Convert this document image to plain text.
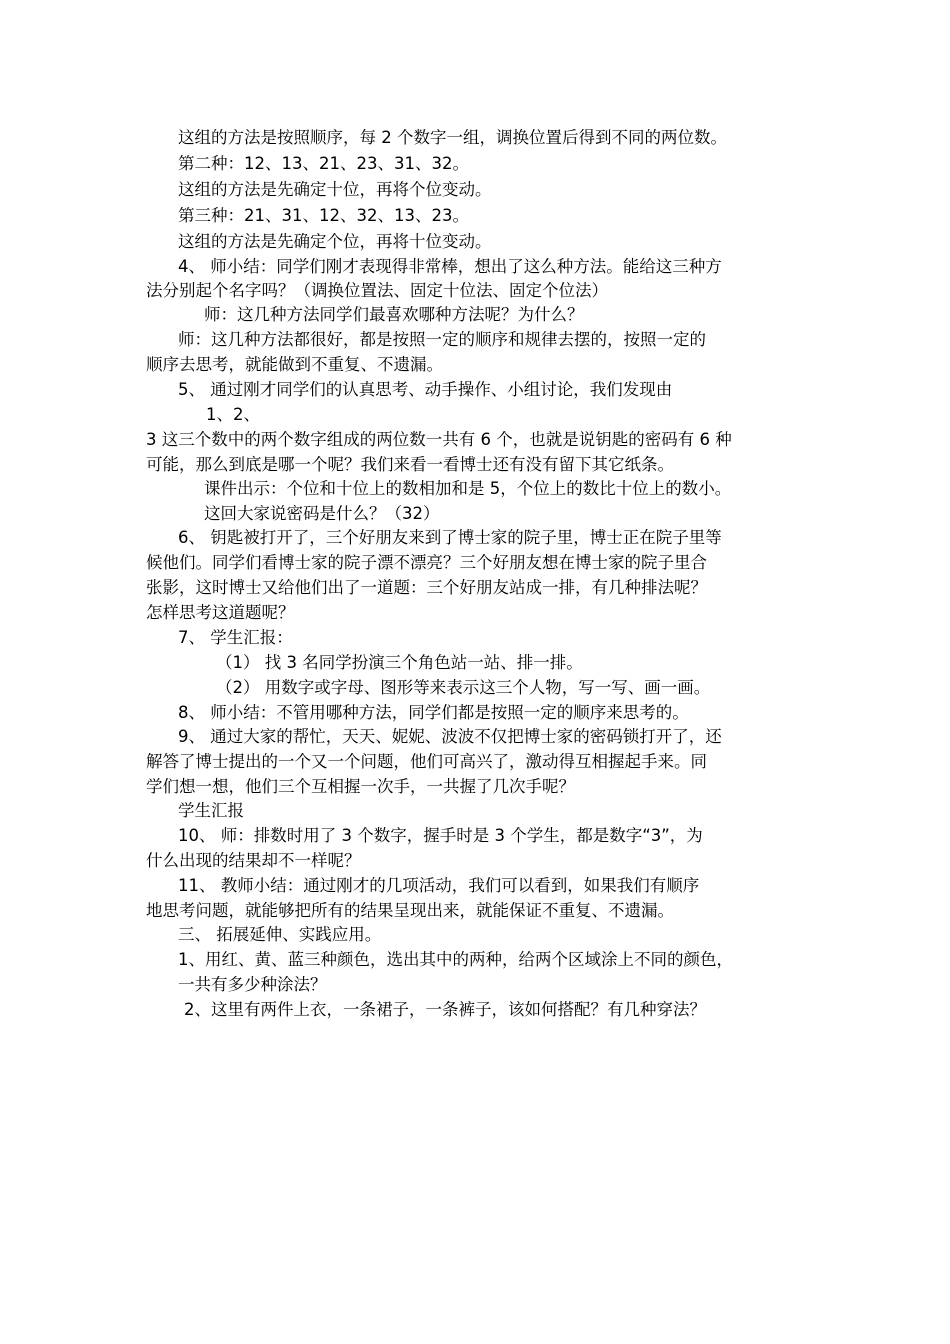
这组的方法是按照顺序，每 2 个数字一组，调换位置后得到不同的两位数。
第二种：12、13、21、23、31、32。
这组的方法是先确定十位，再将个位变动。
第三种：21、31、12、32、13、23。
这组的方法是先确定个位，再将十位变动。
4、 师小结：同学们刚才表现得非常棒，想出了这么种方法。能给这三种方
法分别起个名字吗？（调换位置法、固定十位法、固定个位法）
师：这几种方法同学们最喜欢哪种方法呢？为什么？
师：这几种方法都很好，都是按照一定的顺序和规律去摆的，按照一定的
顺序去思考，就能做到不重复、不遗漏。
5、 通过刚才同学们的认真思考、动手操作、小组讨论，我们发现由
1、2、
3 这三个数中的两个数字组成的两位数一共有 6 个，也就是说钥匙的密码有 6 种
可能，那么到底是哪一个呢？我们来看一看博士还有没有留下其它纸条。
课件出示：个位和十位上的数相加和是 5，个位上的数比十位上的数小。
这回大家说密码是什么？（32）
6、 钥匙被打开了，三个好朋友来到了博士家的院子里，博士正在院子里等
候他们。同学们看博士家的院子漂不漂亮？三个好朋友想在博士家的院子里合
张影，这时博士又给他们出了一道题：三个好朋友站成一排，有几种排法呢？
怎样思考这道题呢？
7、 学生汇报：
（1） 找 3 名同学扮演三个角色站一站、排一排。
（2） 用数字或字母、图形等来表示这三个人物，写一写、画一画。
8、 师小结：不管用哪种方法，同学们都是按照一定的顺序来思考的。
9、 通过大家的帮忙，天天、妮妮、波波不仅把博士家的密码锁打开了，还
解答了博士提出的一个又一个问题，他们可高兴了，激动得互相握起手来。同
学们想一想，他们三个互相握一次手，一共握了几次手呢？
学生汇报
10、 师：排数时用了 3 个数字，握手时是 3 个学生，都是数字“3”，为
什么出现的结果却不一样呢？
11、 教师小结：通过刚才的几项活动，我们可以看到，如果我们有顺序
地思考问题，就能够把所有的结果呈现出来，就能保证不重复、不遗漏。
三、 拓展延伸、实践应用。
1、用红、黄、蓝三种颜色，选出其中的两种，给两个区域涂上不同的颜色，
一共有多少种涂法？
2、这里有两件上衣，一条裙子，一条裤子，该如何搭配？有几种穿法？
